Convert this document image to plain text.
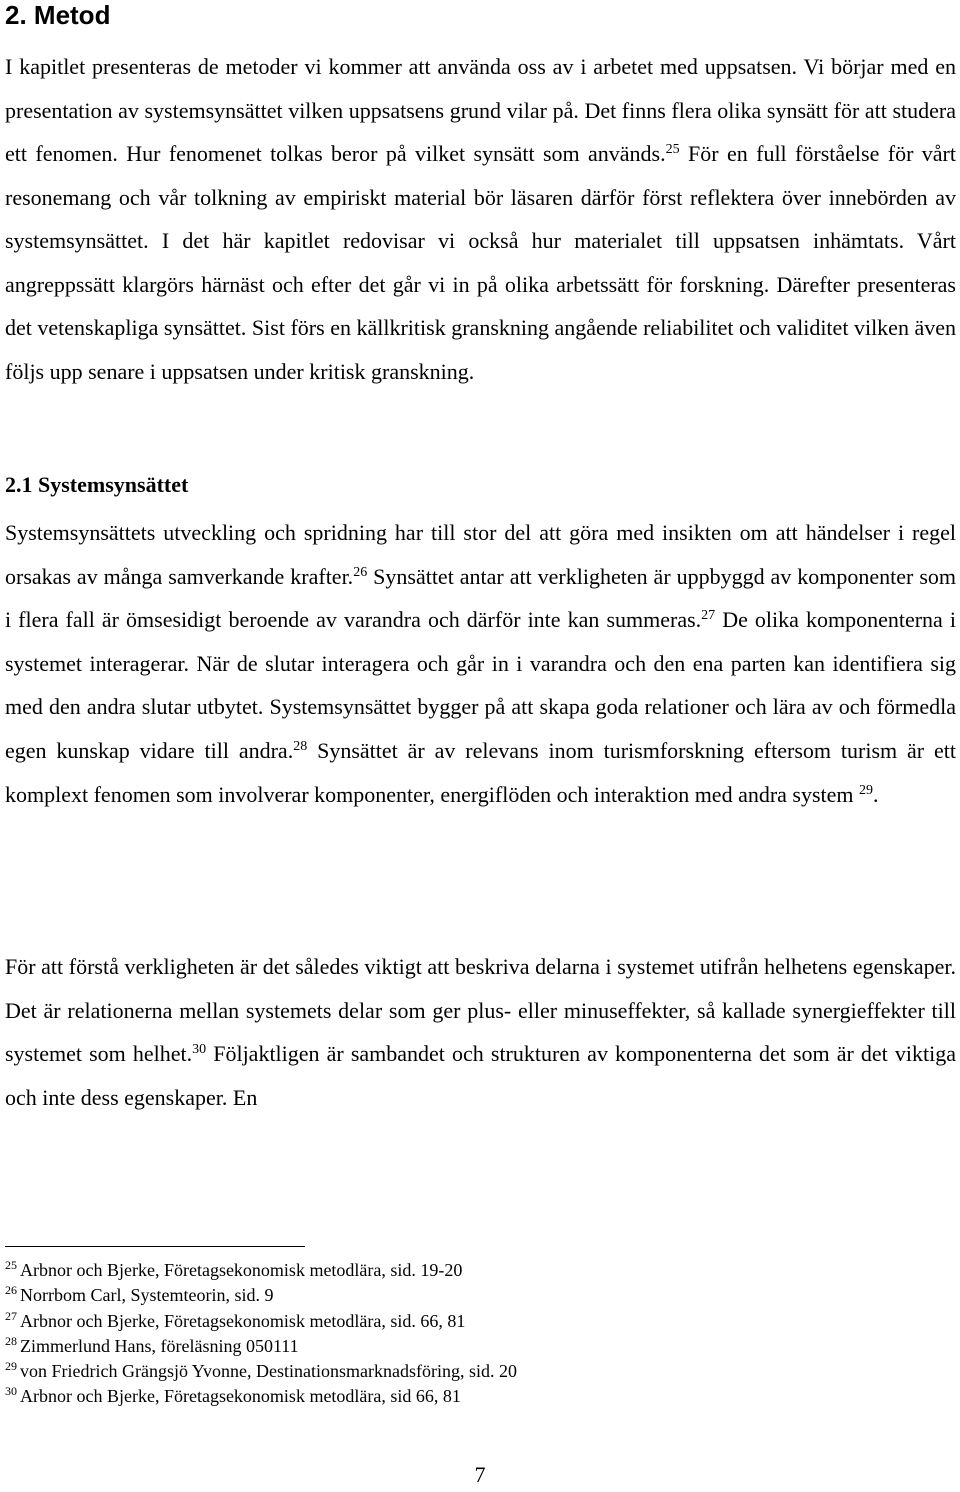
2. Metod

I kapitlet presenteras de metoder vi kommer att använda oss av i arbetet med uppsatsen. Vi börjar med en presentation av systemsynsättet vilken uppsatsens grund vilar på. Det finns flera olika synsätt för att studera ett fenomen. Hur fenomenet tolkas beror på vilket synsätt som används.$^{25}$ För en full förståelse för vårt resonemang och vår tolkning av empiriskt material bör läsaren därför först reflektera över innebörden av systemsynsättet. I det här kapitlet redovisar vi också hur materialet till uppsatsen inhämtats. Vårt angreppssätt klargörs härnäst och efter det går vi in på olika arbetssätt för forskning. Därefter presenteras det vetenskapliga synsättet. Sist förs en källkritisk granskning angående reliabilitet och validitet vilken även följs upp senare i uppsatsen under kritisk granskning.

2.1 Systemsynsättet

Systemsynsättets utveckling och spridning har till stor del att göra med insikten om att händelser i regel orsakas av många samverkande krafter.$^{26}$ Synsättet antar att verkligheten är uppbyggd av komponenter som i flera fall är ömsesidigt beroende av varandra och därför inte kan summeras.$^{27}$ De olika komponenterna i systemet interagerar. När de slutar interagera och går in i varandra och den ena parten kan identifiera sig med den andra slutar utbytet. Systemsynsättet bygger på att skapa goda relationer och lära av och förmedla egen kunskap vidare till andra.$^{28}$ Synsättet är av relevans inom turismforskning eftersom turism är ett komplext fenomen som involverar komponenter, energiflöden och interaktion med andra system $^{29}$.

För att förstå verkligheten är det således viktigt att beskriva delarna i systemet utifrån helhetens egenskaper. Det är relationerna mellan systemets delar som ger plus- eller minuseffekter, så kallade synergieffekter till systemet som helhet.$^{30}$ Följaktligen är sambandet och strukturen av komponenterna det som är det viktiga och inte dess egenskaper. En

$^{25}$ Arbnor och Bjerke, Företagsekonomisk metodlära, sid. 19-20
$^{26}$ Norrbom Carl, Systemteorin, sid. 9
$^{27}$ Arbnor och Bjerke, Företagsekonomisk metodlära, sid. 66, 81
$^{28}$ Zimmerlund Hans, föreläsning 050111
$^{29}$ von Friedrich Grängsjö Yvonne, Destinationsmarknadsföring, sid. 20
$^{30}$ Arbnor och Bjerke, Företagsekonomisk metodlära, sid 66, 81
7
